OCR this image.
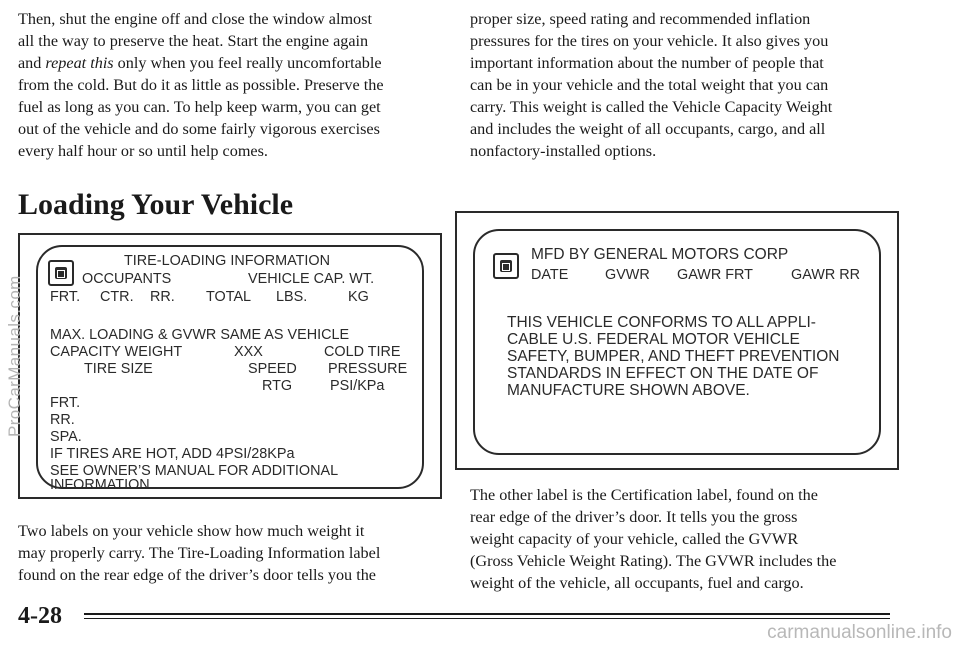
Then, shut the engine off and close the window almost

all the way to preserve the heat. Start the engine again

and repeat this only when you feel really uncomfortable

from the cold. But do it as little as possible. Preserve the

fuel as long as you can. To help keep warm, you can get

out of the vehicle and do some fairly vigorous exercises

every half hour or so until help comes.

Loading Your Vehicle
TIRE-LOADING INFORMATION
OCCUPANTS	VEHICLE CAP. WT.
FRT. CTR. RR. TOTAL LBS.	KG
MAX. LOADING & GVWR SAME AS VEHICLE
CAPACITY WEIGHT	XXX	COLD TIRE
TIRE SIZE	SPEED PRESSURE
RTG	PSI/KPa
FRT.
RR.
SPA.
IF TIRES ARE HOT, ADD 4PSI/28KPa
SEE OWNER’S MANUAL FOR ADDITIONAL
INFORMATION

Two labels on your vehicle show how much weight it

may properly carry. The Tire-Loading Information label

found on the rear edge of the driver’s door tells you the

proper size, speed rating and recommended inflation

pressures for the tires on your vehicle. It also gives you

important information about the number of people that

can be in your vehicle and the total weight that you can

carry. This weight is called the Vehicle Capacity Weight

and includes the weight of all occupants, cargo, and all

nonfactory-installed options.

MFD BY GENERAL MOTORS CORP
DATE	GVWR GAWR FRT	GAWR RR
THIS VEHICLE CONFORMS TO ALL APPLI-
CABLE U.S. FEDERAL MOTOR VEHICLE
SAFETY, BUMPER, AND THEFT PREVENTION
STANDARDS IN EFFECT ON THE DATE OF
MANUFACTURE SHOWN ABOVE.

The other label is the Certification label, found on the

rear edge of the driver’s door. It tells you the gross

weight capacity of your vehicle, called the GVWR

(Gross Vehicle Weight Rating). The GVWR includes the

weight of the vehicle, all occupants, fuel and cargo.

ProCarManuals.com
4-28
carmanualsonline.info
